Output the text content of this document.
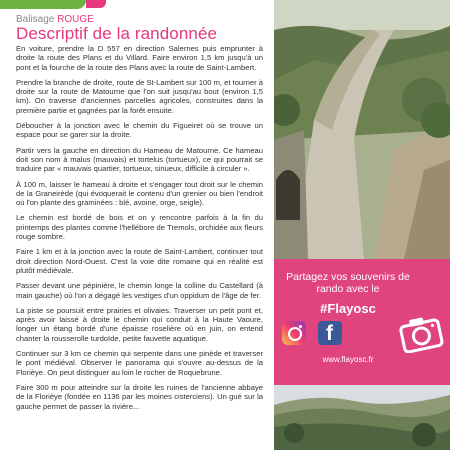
Balisage ROUGE
Descriptif de la randonnée

En voiture, prendre la D 557 en direction Salernes puis emprunter à droite la route des Plans et du Villard. Faire environ 1,5 km jusqu'à un pont et la fourche de la route des Plans avec la route de Saint-Lambert.

Prendre la branche de droite, route de St-Lambert sur 100 m, et tourner à droite sur la route de Matourne que l'on suit jusqu'au bout (environ 1,5 km). On traverse d'anciennes parcelles agricoles, construites dans la première partie et gagnées par la forêt ensuite.

Déboucher à la jonction avec le chemin du Figueiret où se trouve un espace pour se garer sur la droite.

Partir vers la gauche en direction du Hameau de Matourne. Ce hameau doit son nom à malus (mauvais) et tortelus (tortueux), ce qui pourrait se traduire par « mauvais quartier, tortueux, sinueux, difficile à circuler ».

À 100 m, laisser le hameau à droite et s'engager tout droit sur le chemin de la Graneirède (qui évoquerait le contenu d'un grenier ou bien l'endroit où l'on plante des graminées : blé, avoine, orge, seigle).

Le chemin est bordé de bois et on y rencontre parfois à la fin du printemps des plantes comme l'hellébore de Tremols, orchidée aux fleurs rouge sombre.

Faire 1 km et à la jonction avec la route de Saint-Lambert, continuer tout droit direction Nord-Ouest. C'est la voie dite romaine qui en réalité est plutôt médiévale.

Passer devant une pépinière, le chemin longe la colline du Castellard (à main gauche) où l'on a dégagé les vestiges d'un oppidum de l'âge de fer.

La piste se poursuit entre prairies et olivaies. Traverser un petit pont et, après avoir laissé à droite le chemin qui conduit à la Haute Vaoure, longer un étang bordé d'une épaisse roselière où en juin, on entend chanter la rousserolle turdoïde, petite fauvette aquatique.

Continuer sur 3 km ce chemin qui serpente dans une pinède et traverser le pont médiéval. Observer le panorama qui s'ouvre au-dessus de la Florièye. On peut distinguer au loin le rocher de Roquebrune.

Faire 300 m pour atteindre sur la droite les ruines de l'ancienne abbaye de la Florièye (fondée en 1136 par les moines cisterciens). Un gué sur la gauche permet de passer la rivière...

Partagez vos souvenirs de
rando avec le
#Flayosc
f
www.flayosc.fr
